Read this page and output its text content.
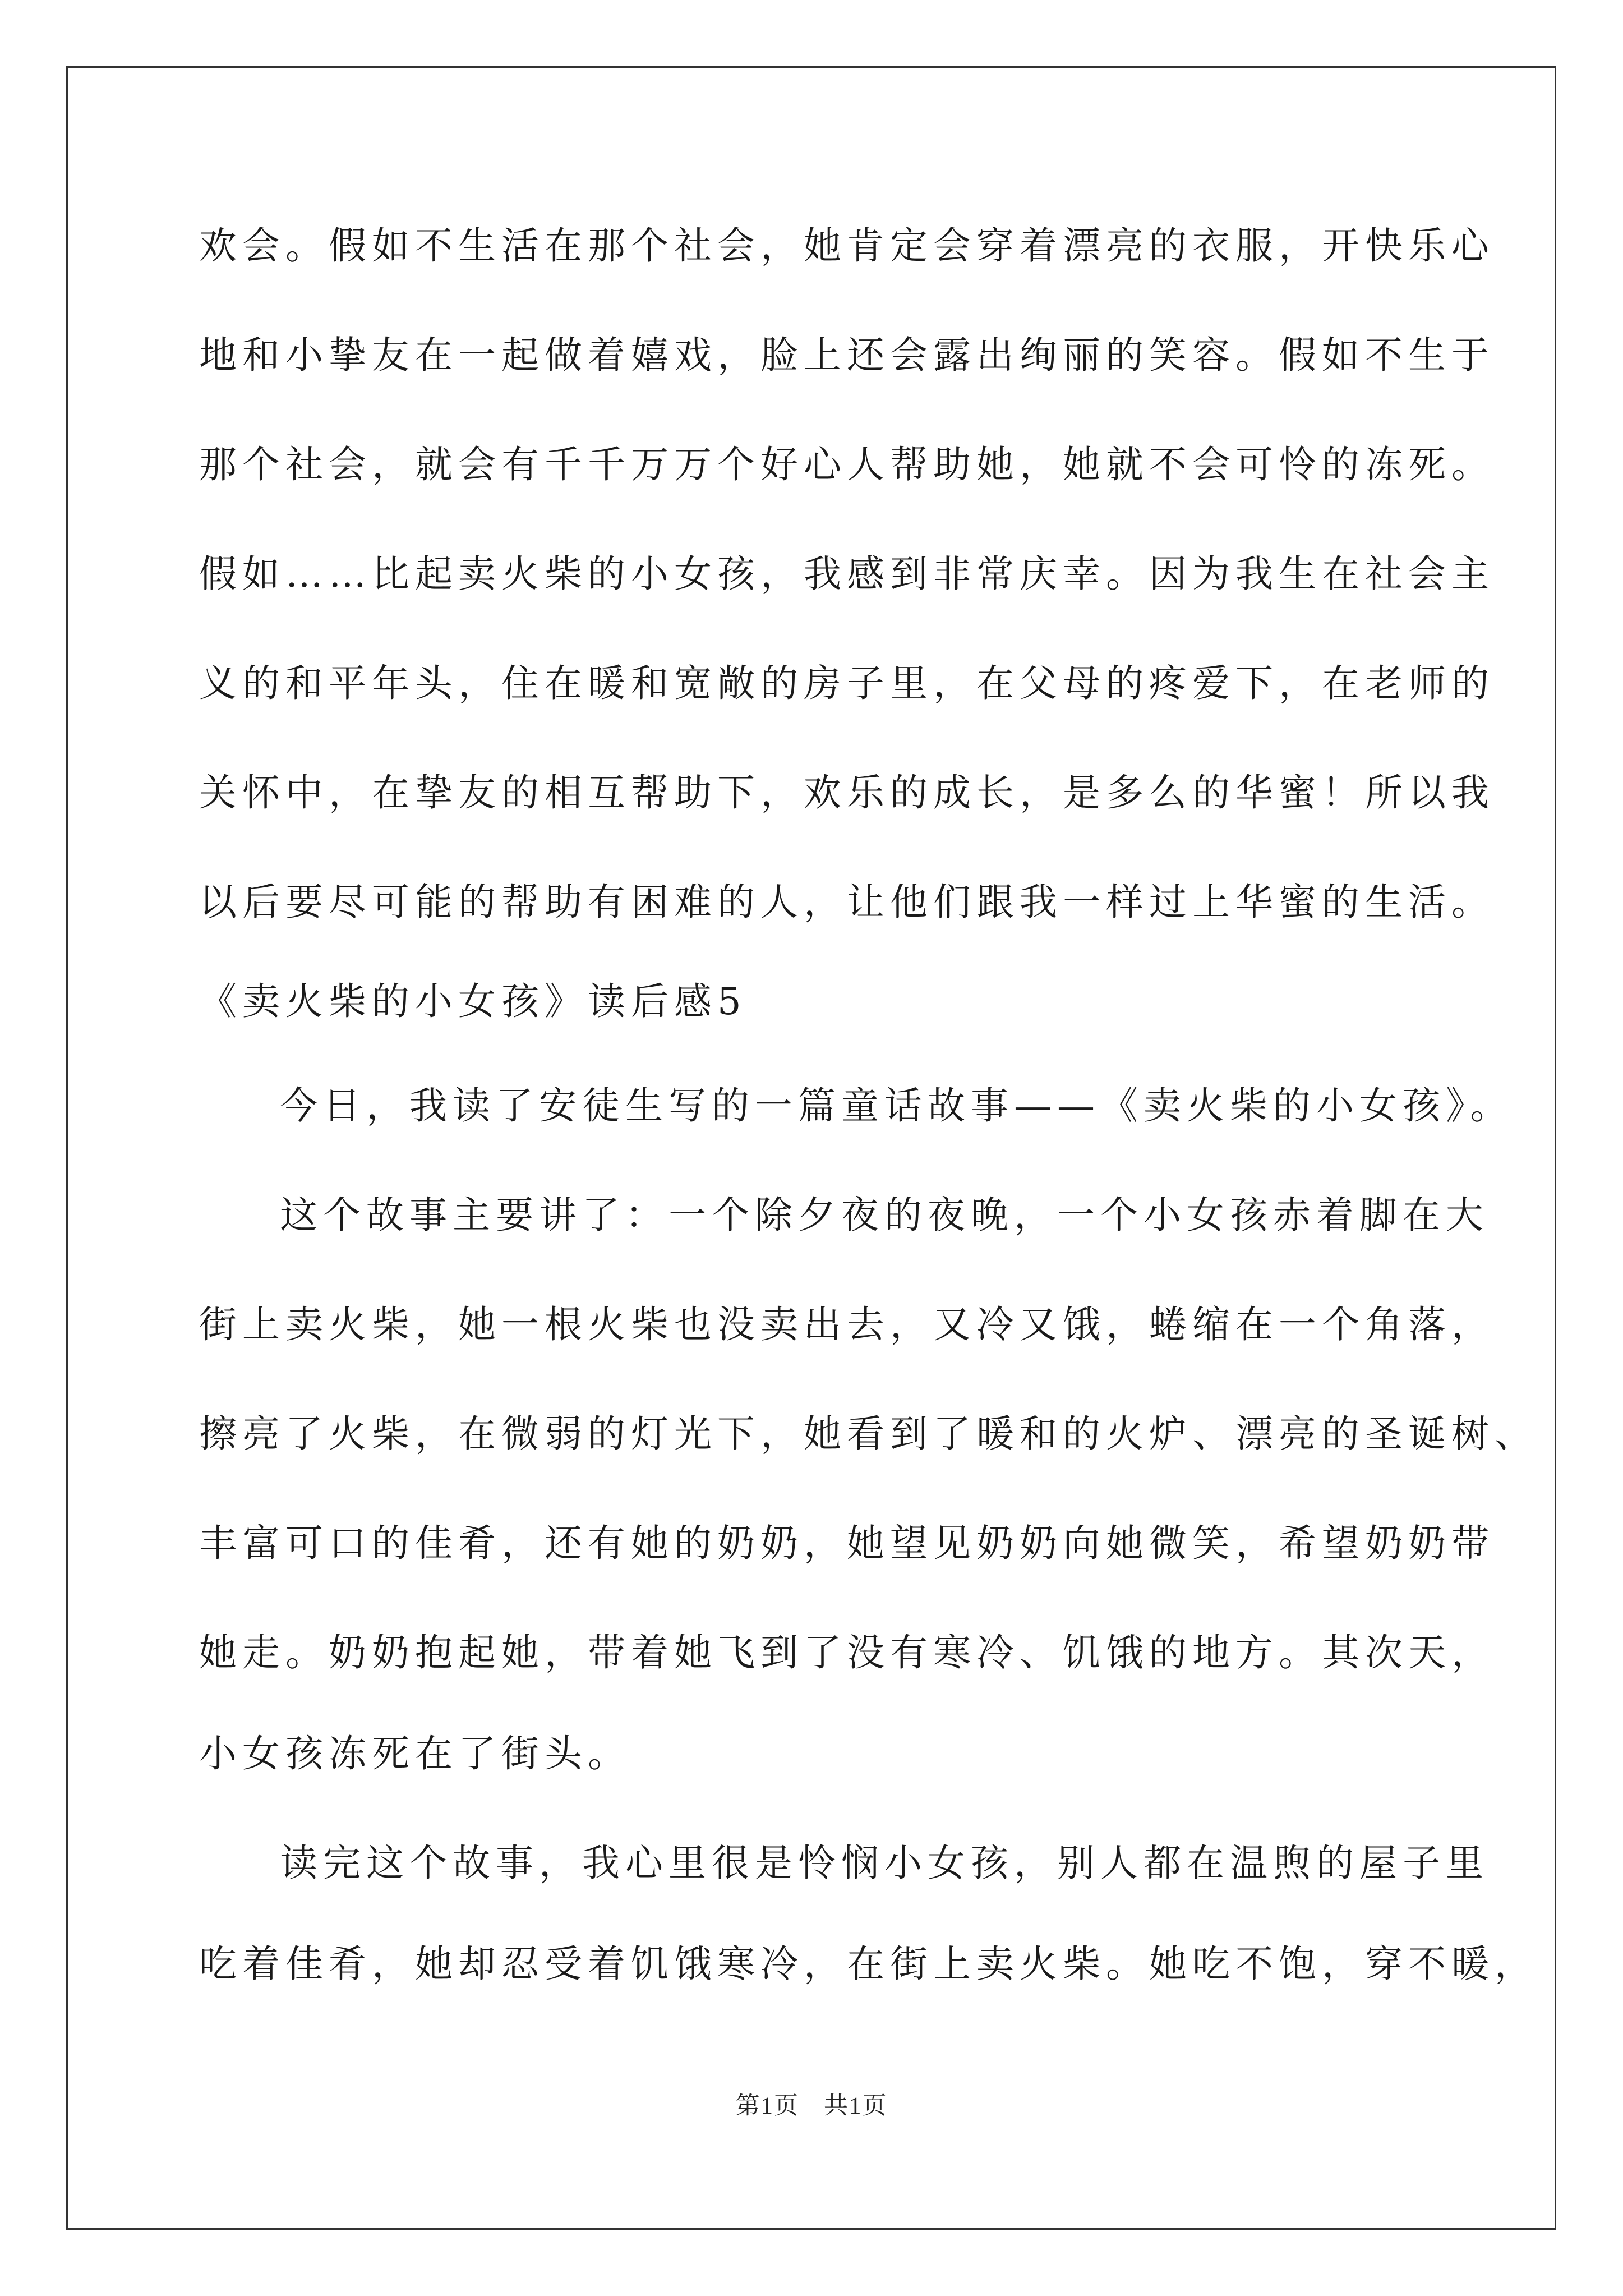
欢会。假如不生活在那个社会，她肯定会穿着漂亮的衣服，开快乐心
地和小挚友在一起做着嬉戏，脸上还会露出绚丽的笑容。假如不生于
那个社会，就会有千千万万个好心人帮助她，她就不会可怜的冻死。
假如……比起卖火柴的小女孩，我感到非常庆幸。因为我生在社会主
义的和平年头，住在暖和宽敞的房子里，在父母的疼爱下，在老师的
关怀中，在挚友的相互帮助下，欢乐的成长，是多么的华蜜！所以我
以后要尽可能的帮助有困难的人，让他们跟我一样过上华蜜的生活。
《卖火柴的小女孩》读后感5
今日，我读了安徒生写的一篇童话故事——《卖火柴的小女孩》。
这个故事主要讲了：一个除夕夜的夜晚，一个小女孩赤着脚在大
街上卖火柴，她一根火柴也没卖出去，又冷又饿，蜷缩在一个角落，
擦亮了火柴，在微弱的灯光下，她看到了暖和的火炉、漂亮的圣诞树、
丰富可口的佳肴，还有她的奶奶，她望见奶奶向她微笑，希望奶奶带
她走。奶奶抱起她，带着她飞到了没有寒冷、饥饿的地方。其次天，
小女孩冻死在了街头。
读完这个故事，我心里很是怜悯小女孩，别人都在温煦的屋子里
吃着佳肴，她却忍受着饥饿寒冷，在街上卖火柴。她吃不饱，穿不暖，
第1页 共1页
